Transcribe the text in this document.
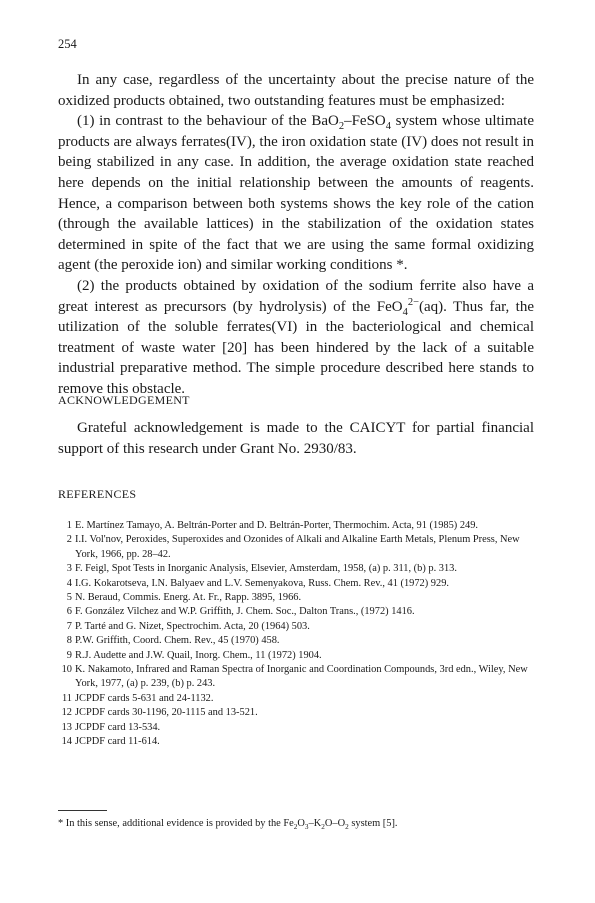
254

In any case, regardless of the uncertainty about the precise nature of the oxidized products obtained, two outstanding features must be emphasized:

(1) in contrast to the behaviour of the BaO$_2$–FeSO$_4$ system whose ultimate products are always ferrates(IV), the iron oxidation state (IV) does not result in being stabilized in any case. In addition, the average oxidation state reached here depends on the initial relationship between the amounts of reagents. Hence, a comparison between both systems shows the key role of the cation (through the available lattices) in the stabilization of the oxidation states determined in spite of the fact that we are using the same formal oxidizing agent (the peroxide ion) and similar working conditions *.

(2) the products obtained by oxidation of the sodium ferrite also have a great interest as precursors (by hydrolysis) of the FeO$_4^{2-}$(aq). Thus far, the utilization of the soluble ferrates(VI) in the bacteriological and chemical treatment of waste water [20] has been hindered by the lack of a suitable industrial preparative method. The simple procedure described here stands to remove this obstacle.

ACKNOWLEDGEMENT

Grateful acknowledgement is made to the CAICYT for partial financial support of this research under Grant No. 2930/83.

REFERENCES
1 E. Martínez Tamayo, A. Beltrán-Porter and D. Beltrán-Porter, Thermochim. Acta, 91 (1985) 249.
2 I.I. Vol'nov, Peroxides, Superoxides and Ozonides of Alkali and Alkaline Earth Metals, Plenum Press, New York, 1966, pp. 28–42.
3 F. Feigl, Spot Tests in Inorganic Analysis, Elsevier, Amsterdam, 1958, (a) p. 311, (b) p. 313.
4 I.G. Kokarotseva, I.N. Balyaev and L.V. Semenyakova, Russ. Chem. Rev., 41 (1972) 929.
5 N. Beraud, Commis. Energ. At. Fr., Rapp. 3895, 1966.
6 F. González Vilchez and W.P. Griffith, J. Chem. Soc., Dalton Trans., (1972) 1416.
7 P. Tarté and G. Nizet, Spectrochim. Acta, 20 (1964) 503.
8 P.W. Griffith, Coord. Chem. Rev., 45 (1970) 458.
9 R.J. Audette and J.W. Quail, Inorg. Chem., 11 (1972) 1904.
10 K. Nakamoto, Infrared and Raman Spectra of Inorganic and Coordination Compounds, 3rd edn., Wiley, New York, 1977, (a) p. 239, (b) p. 243.
11 JCPDF cards 5-631 and 24-1132.
12 JCPDF cards 30-1196, 20-1115 and 13-521.
13 JCPDF card 13-534.
14 JCPDF card 11-614.
* In this sense, additional evidence is provided by the $Fe_2O_3-K_2O-O_2$ system [5].
